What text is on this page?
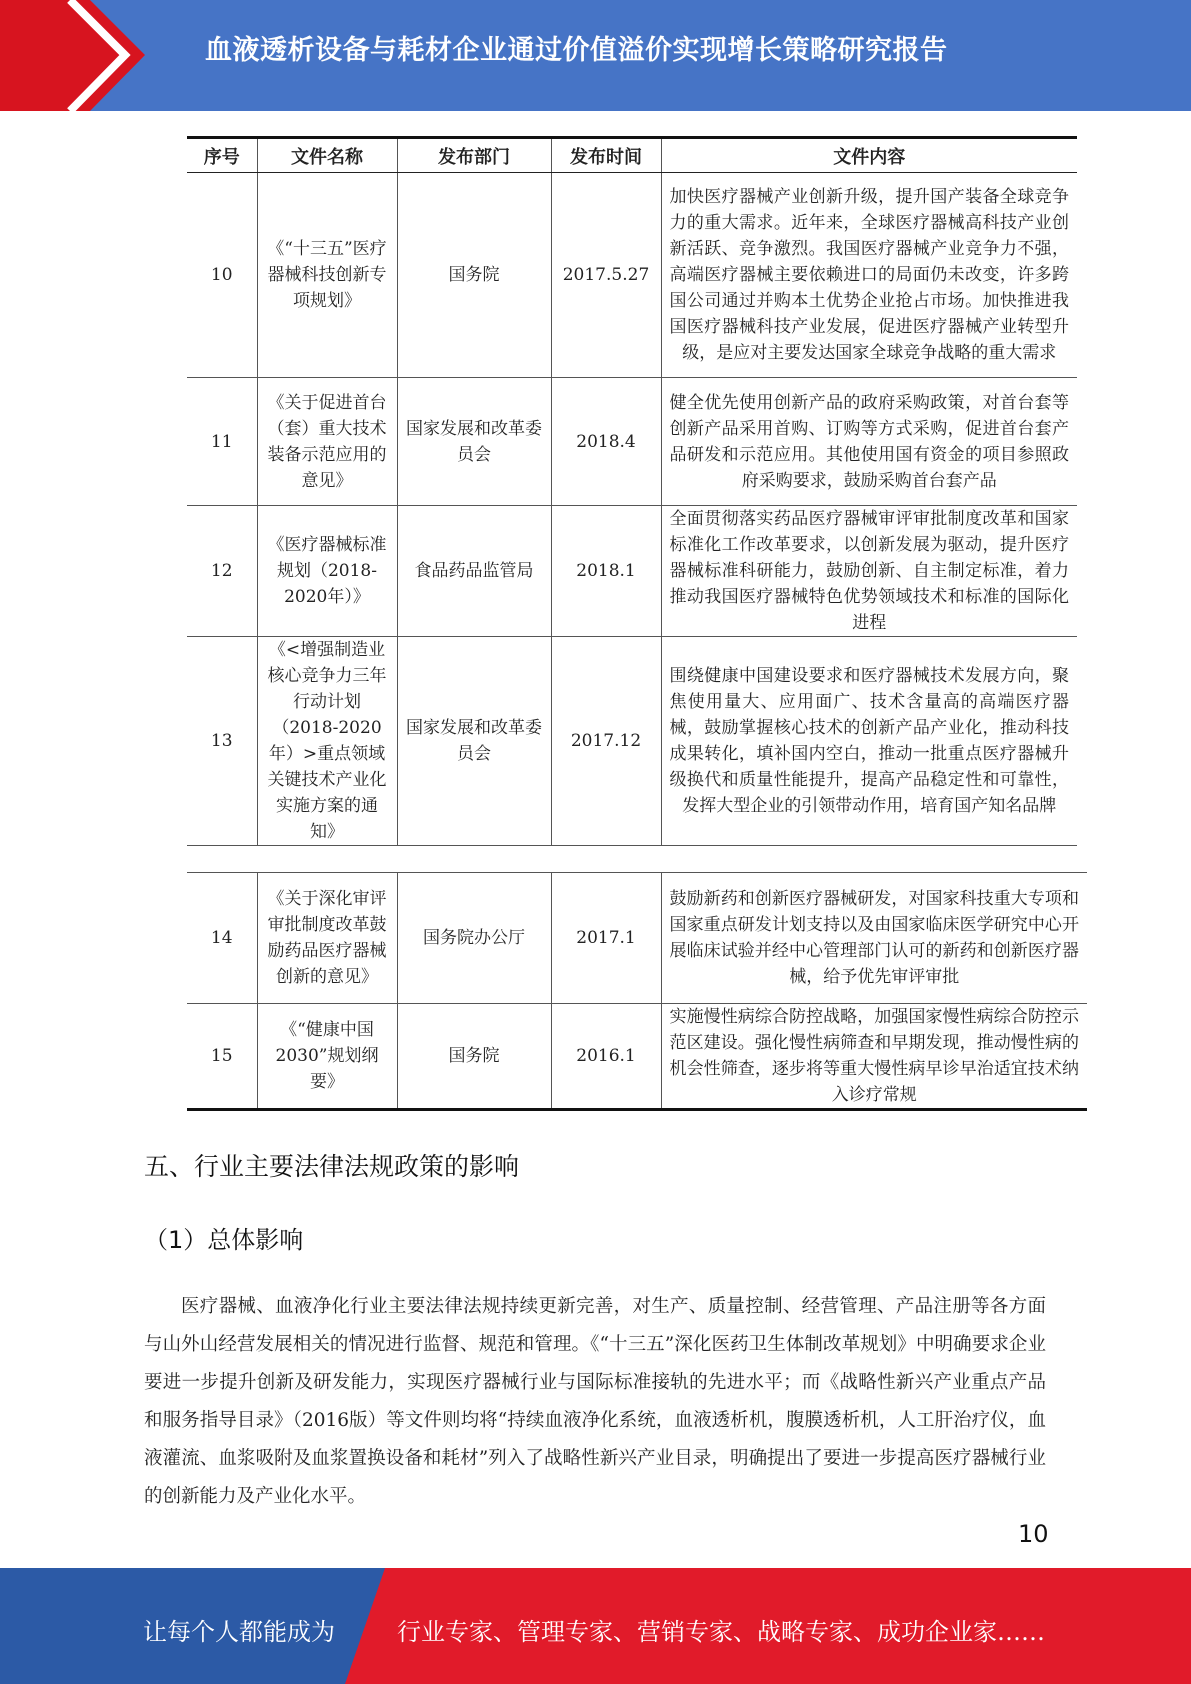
血液透析设备与耗材企业通过价值溢价实现增长策略研究报告
序号	文件名称	发布部门	发布时间	文件内容
10	《“十三五”医疗器械科技创新专项规划》	国务院	2017.5.27	加快医疗器械产业创新升级，提升国产装备全球竞争力的重大需求。近年来，全球医疗器械高科技产业创新活跃、竞争激烈。我国医疗器械产业竞争力不强，高端医疗器械主要依赖进口的局面仍未改变，许多跨国公司通过并购本土优势企业抢占市场。加快推进我国医疗器械科技产业发展，促进医疗器械产业转型升级，是应对主要发达国家全球竞争战略的重大需求
11	《关于促进首台（套）重大技术装备示范应用的意见》	国家发展和改革委员会	2018.4	健全优先使用创新产品的政府采购政策，对首台套等创新产品采用首购、订购等方式采购，促进首台套产品研发和示范应用。其他使用国有资金的项目参照政府采购要求，鼓励采购首台套产品
12	《医疗器械标准规划（2018-2020年）》	食品药品监管局	2018.1	全面贯彻落实药品医疗器械审评审批制度改革和国家标准化工作改革要求，以创新发展为驱动，提升医疗器械标准科研能力，鼓励创新、自主制定标准，着力推动我国医疗器械特色优势领域技术和标准的国际化进程
13	《<增强制造业核心竞争力三年行动计划（2018-2020年）>重点领域关键技术产业化实施方案的通知》	国家发展和改革委员会	2017.12	围绕健康中国建设要求和医疗器械技术发展方向，聚焦使用量大、应用面广、技术含量高的高端医疗器械，鼓励掌握核心技术的创新产品产业化，推动科技成果转化，填补国内空白，推动一批重点医疗器械升级换代和质量性能提升，提高产品稳定性和可靠性，发挥大型企业的引领带动作用，培育国产知名品牌
14	《关于深化审评审批制度改革鼓励药品医疗器械创新的意见》	国务院办公厅	2017.1	鼓励新药和创新医疗器械研发，对国家科技重大专项和国家重点研发计划支持以及由国家临床医学研究中心开展临床试验并经中心管理部门认可的新药和创新医疗器械，给予优先审评审批
15	《“健康中国2030”规划纲要》	国务院	2016.1	实施慢性病综合防控战略，加强国家慢性病综合防控示范区建设。强化慢性病筛查和早期发现，推动慢性病的机会性筛查，逐步将等重大慢性病早诊早治适宜技术纳入诊疗常规
五、行业主要法律法规政策的影响
（1）总体影响

医疗器械、血液净化行业主要法律法规持续更新完善，对生产、质量控制、经营管理、产品注册等各方面与山外山经营发展相关的情况进行监督、规范和管理。《“十三五”深化医药卫生体制改革规划》中明确要求企业要进一步提升创新及研发能力，实现医疗器械行业与国际标准接轨的先进水平；而《战略性新兴产业重点产品和服务指导目录》（2016版）等文件则均将“持续血液净化系统，血液透析机，腹膜透析机，人工肝治疗仪，血液灌流、血浆吸附及血浆置换设备和耗材”列入了战略性新兴产业目录，明确提出了要进一步提高医疗器械行业的创新能力及产业化水平。

10
让每个人都能成为	行业专家、管理专家、营销专家、战略专家、成功企业家……
